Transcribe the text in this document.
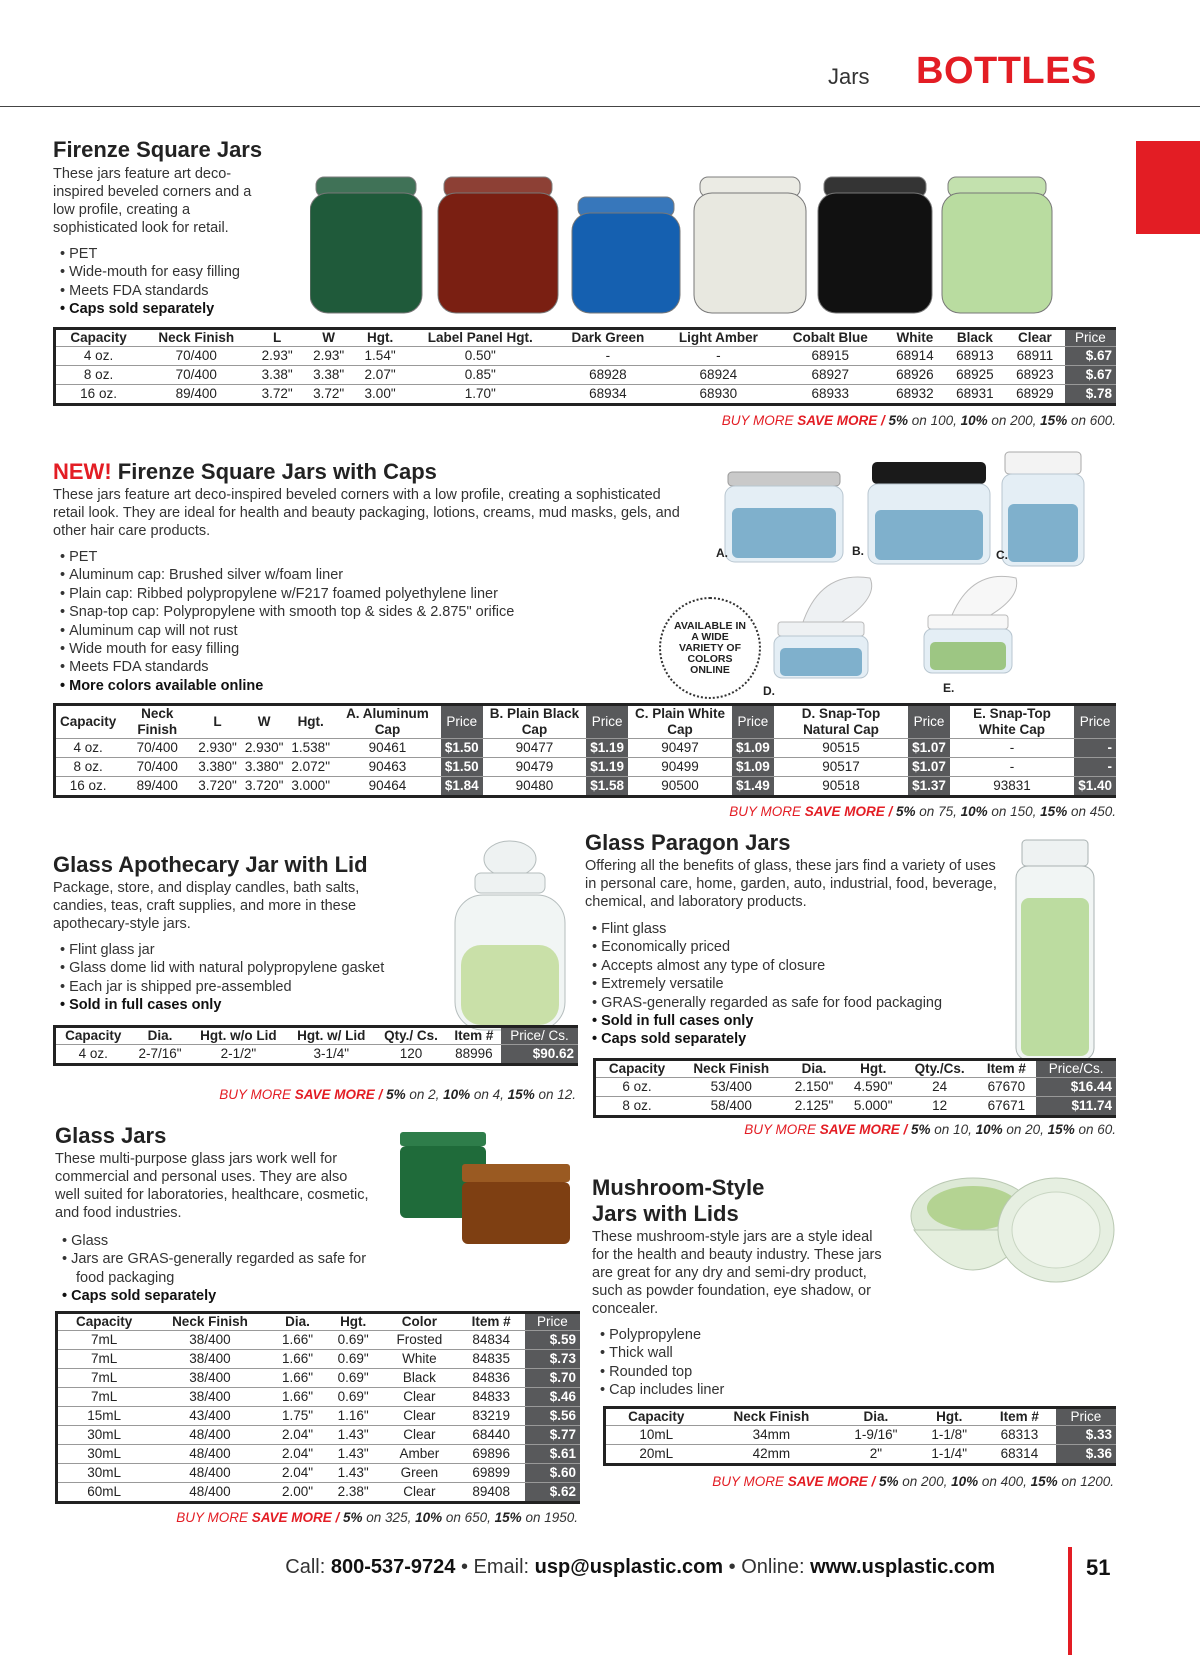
Jars BOTTLES
Firenze Square Jars

These jars feature art deco-inspired beveled corners and a low profile, creating a sophisticated look for retail.

• PET
• Wide-mouth for easy filling
• Meets FDA standards
• Caps sold separately
Capacity	Neck Finish	L	W	Hgt.	Label Panel Hgt.	Dark Green	Light Amber	Cobalt Blue	White	Black	Clear	Price
4 oz.	70/400	2.93"	2.93"	1.54"	0.50"	-	-	68915	68914	68913	68911	$.67
8 oz.	70/400	3.38"	3.38"	2.07"	0.85"	68928	68924	68927	68926	68925	68923	$.67
16 oz.	89/400	3.72"	3.72"	3.00"	1.70"	68934	68930	68933	68932	68931	68929	$.78
BUY MORE SAVE MORE / 5% on 100, 10% on 200, 15% on 600.
NEW! Firenze Square Jars with Caps

These jars feature art deco-inspired beveled corners with a low profile, creating a sophisticated retail look. They are ideal for health and beauty packaging, lotions, creams, mud masks, gels, and other hair care products.

• PET
• Aluminum cap: Brushed silver w/foam liner
• Plain cap: Ribbed polypropylene w/F217 foamed polyethylene liner
• Snap-top cap: Polypropylene with smooth top & sides & 2.875" orifice
• Aluminum cap will not rust
• Wide mouth for easy filling
• Meets FDA standards
• More colors available online
A.	B.	C.
D.	E.
AVAILABLE IN A WIDE VARIETY OF COLORS ONLINE
Capacity	Neck Finish	L	W	Hgt.	A. Aluminum Cap	Price	B. Plain Black Cap	Price	C. Plain White Cap	Price	D. Snap-Top Natural Cap	Price	E. Snap-Top White Cap	Price
4 oz.	70/400	2.930"	2.930"	1.538"	90461	$1.50	90477	$1.19	90497	$1.09	90515	$1.07	-	-
8 oz.	70/400	3.380"	3.380"	2.072"	90463	$1.50	90479	$1.19	90499	$1.09	90517	$1.07	-	-
16 oz.	89/400	3.720"	3.720"	3.000"	90464	$1.84	90480	$1.58	90500	$1.49	90518	$1.37	93831	$1.40
BUY MORE SAVE MORE / 5% on 75, 10% on 150, 15% on 450.
Glass Apothecary Jar with Lid

Package, store, and display candles, bath salts, candies, teas, craft supplies, and more in these apothecary-style jars.

• Flint glass jar
• Glass dome lid with natural polypropylene gasket
• Each jar is shipped pre-assembled
• Sold in full cases only
Capacity	Dia.	Hgt. w/o Lid	Hgt. w/ Lid	Qty./ Cs.	Item #	Price/ Cs.
4 oz.	2-7/16"	2-1/2"	3-1/4"	120	88996	$90.62
BUY MORE SAVE MORE / 5% on 2, 10% on 4, 15% on 12.
Glass Paragon Jars

Offering all the benefits of glass, these jars find a variety of uses in personal care, home, garden, auto, industrial, food, beverage, chemical, and laboratory products.

• Flint glass
• Economically priced
• Accepts almost any type of closure
• Extremely versatile
• GRAS-generally regarded as safe for food packaging
• Sold in full cases only
• Caps sold separately
Capacity	Neck Finish	Dia.	Hgt.	Qty./Cs.	Item #	Price/Cs.
6 oz.	53/400	2.150"	4.590"	24	67670	$16.44
8 oz.	58/400	2.125"	5.000"	12	67671	$11.74
BUY MORE SAVE MORE / 5% on 10, 10% on 20, 15% on 60.
Glass Jars

These multi-purpose glass jars work well for commercial and personal uses. They are also well suited for laboratories, healthcare, cosmetic, and food industries.

• Glass
• Jars are GRAS-generally regarded as safe for food packaging
• Caps sold separately
Capacity	Neck Finish	Dia.	Hgt.	Color	Item #	Price
7mL	38/400	1.66"	0.69"	Frosted	84834	$.59
7mL	38/400	1.66"	0.69"	White	84835	$.73
7mL	38/400	1.66"	0.69"	Black	84836	$.70
7mL	38/400	1.66"	0.69"	Clear	84833	$.46
15mL	43/400	1.75"	1.16"	Clear	83219	$.56
30mL	48/400	2.04"	1.43"	Clear	68440	$.77
30mL	48/400	2.04"	1.43"	Amber	69896	$.61
30mL	48/400	2.04"	1.43"	Green	69899	$.60
60mL	48/400	2.00"	2.38"	Clear	89408	$.62
BUY MORE SAVE MORE / 5% on 325, 10% on 650, 15% on 1950.
Mushroom-Style
Jars with Lids

These mushroom-style jars are a style ideal for the health and beauty industry. These jars are great for any dry and semi-dry product, such as powder foundation, eye shadow, or concealer.

• Polypropylene
• Thick wall
• Rounded top
• Cap includes liner
Capacity	Neck Finish	Dia.	Hgt.	Item #	Price
10mL	34mm	1-9/16"	1-1/8"	68313	$.33
20mL	42mm	2"	1-1/4"	68314	$.36
BUY MORE SAVE MORE / 5% on 200, 10% on 400, 15% on 1200.
Call: 800-537-9724 • Email: usp@usplastic.com • Online: www.usplastic.com	51
